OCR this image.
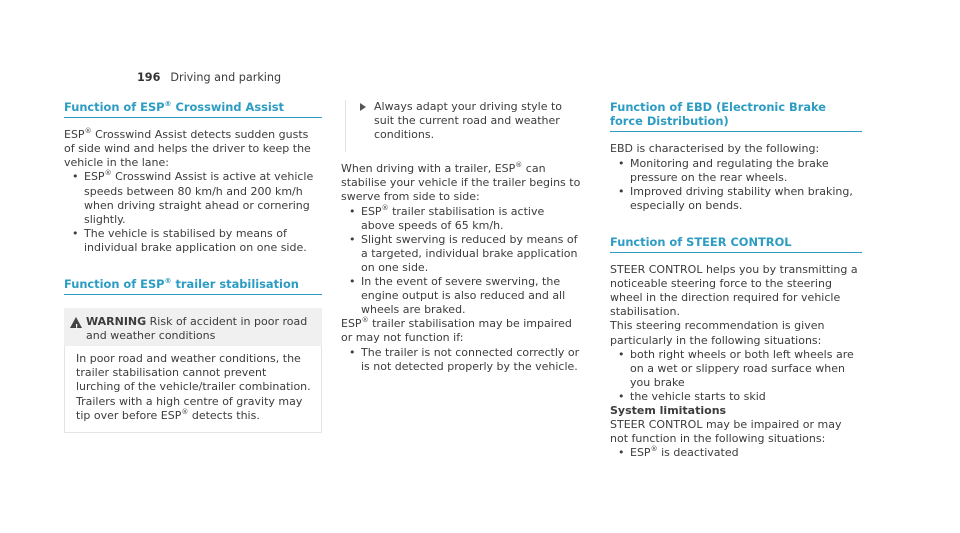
196 Driving and parking
Function of ESP® Crosswind Assist

ESP® Crosswind Assist detects sudden gusts of side wind and helps the driver to keep the vehicle in the lane:

• ESP® Crosswind Assist is active at vehicle speeds between 80 km/h and 200 km/h when driving straight ahead or cornering slightly.
• The vehicle is stabilised by means of individual brake application on one side.
Function of ESP® trailer stabilisation
! WARNING Risk of accident in poor road and weather conditions
In poor road and weather conditions, the trailer stabilisation cannot prevent lurching of the vehicle/trailer combination. Trailers with a high centre of gravity may tip over before ESP® detects this.
Always adapt your driving style to suit the current road and weather conditions.

When driving with a trailer, ESP® can stabilise your vehicle if the trailer begins to swerve from side to side:

• ESP® trailer stabilisation is active above speeds of 65 km/h.
• Slight swerving is reduced by means of a targeted, individual brake application on one side.
• In the event of severe swerving, the engine output is also reduced and all wheels are braked.

ESP® trailer stabilisation may be impaired or may not function if:

• The trailer is not connected correctly or is not detected properly by the vehicle.
Function of EBD (Electronic Brake force Distribution)

EBD is characterised by the following:

• Monitoring and regulating the brake pressure on the rear wheels.
• Improved driving stability when braking, especially on bends.
Function of STEER CONTROL

STEER CONTROL helps you by transmitting a noticeable steering force to the steering wheel in the direction required for vehicle stabilisation.

This steering recommendation is given particularly in the following situations:

• both right wheels or both left wheels are on a wet or slippery road surface when you brake
• the vehicle starts to skid

System limitations

STEER CONTROL may be impaired or may not function in the following situations:

• ESP® is deactivated
